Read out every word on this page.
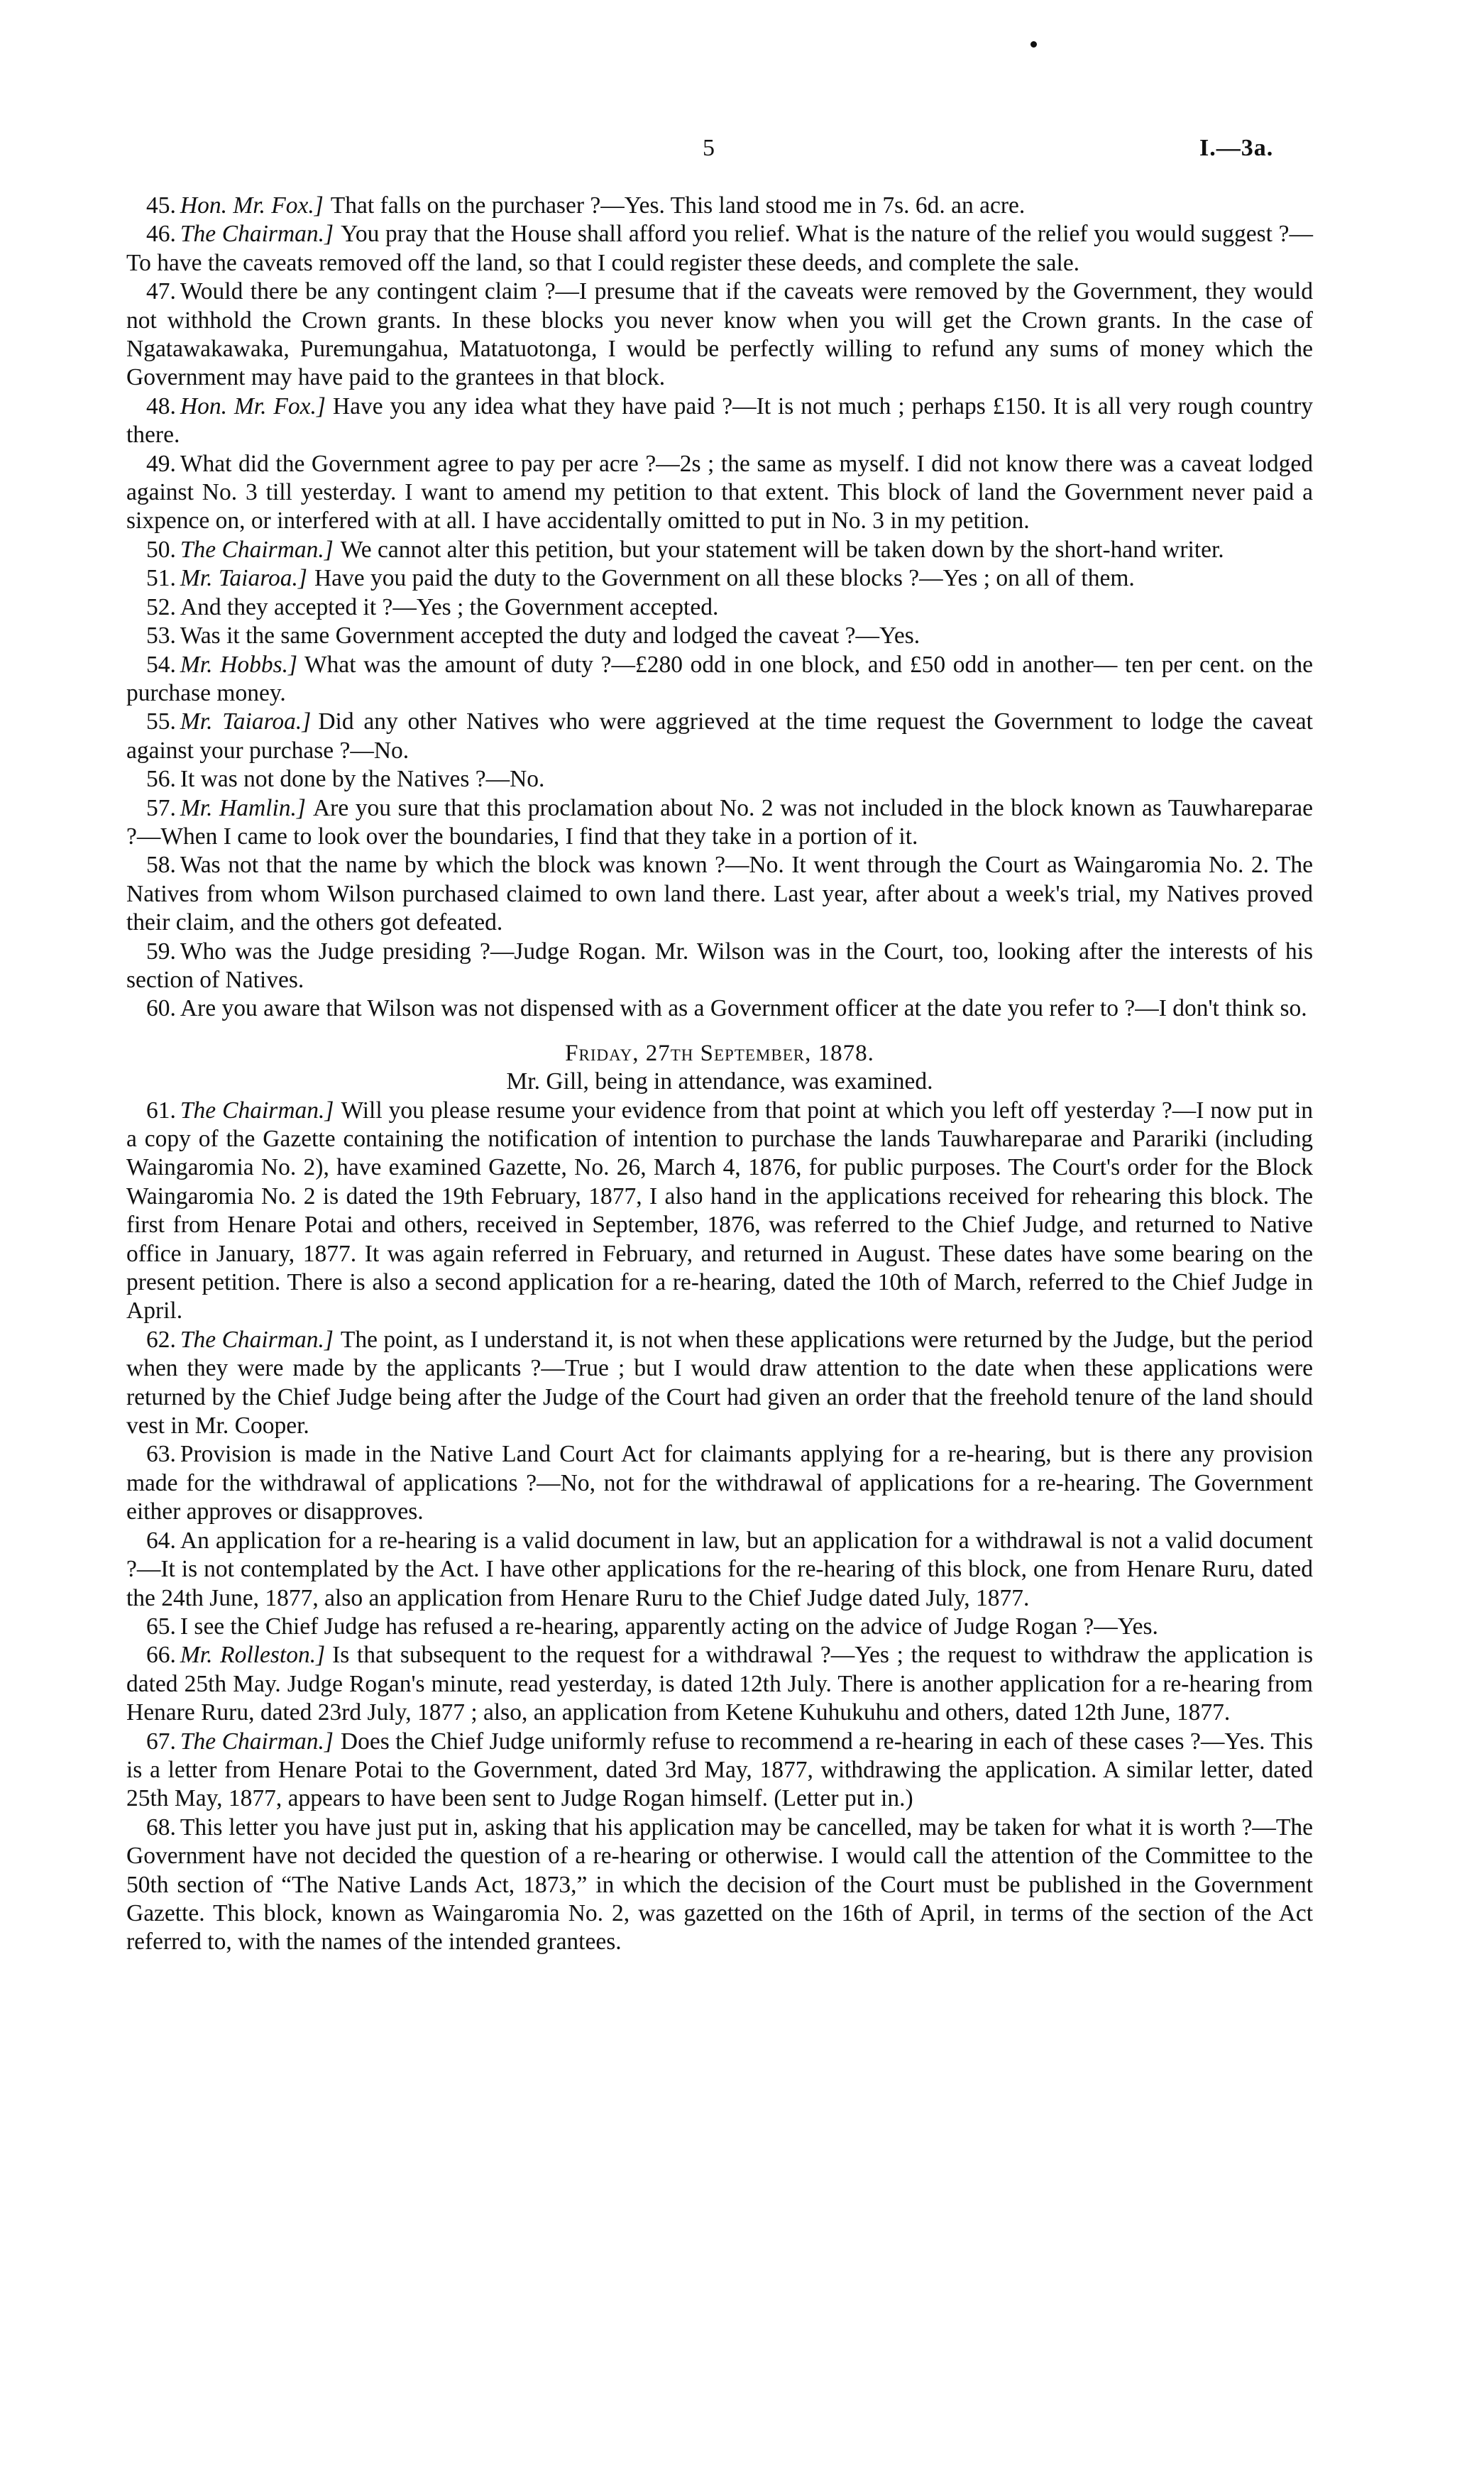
5	I.—3a.

45. Hon. Mr. Fox.] That falls on the purchaser ?—Yes. This land stood me in 7s. 6d. an acre.

46. The Chairman.] You pray that the House shall afford you relief. What is the nature of the relief you would suggest ?—To have the caveats removed off the land, so that I could register these deeds, and complete the sale.

47. Would there be any contingent claim ?—I presume that if the caveats were removed by the Government, they would not withhold the Crown grants. In these blocks you never know when you will get the Crown grants. In the case of Ngatawakawaka, Puremungahua, Matatuotonga, I would be perfectly willing to refund any sums of money which the Government may have paid to the grantees in that block.

48. Hon. Mr. Fox.] Have you any idea what they have paid ?—It is not much ; perhaps £150. It is all very rough country there.

49. What did the Government agree to pay per acre ?—2s ; the same as myself. I did not know there was a caveat lodged against No. 3 till yesterday. I want to amend my petition to that extent. This block of land the Government never paid a sixpence on, or interfered with at all. I have accidentally omitted to put in No. 3 in my petition.

50. The Chairman.] We cannot alter this petition, but your statement will be taken down by the short-hand writer.

51. Mr. Taiaroa.] Have you paid the duty to the Government on all these blocks ?—Yes ; on all of them.

52. And they accepted it ?—Yes ; the Government accepted.

53. Was it the same Government accepted the duty and lodged the caveat ?—Yes.

54. Mr. Hobbs.] What was the amount of duty ?—£280 odd in one block, and £50 odd in another— ten per cent. on the purchase money.

55. Mr. Taiaroa.] Did any other Natives who were aggrieved at the time request the Government to lodge the caveat against your purchase ?—No.

56. It was not done by the Natives ?—No.

57. Mr. Hamlin.] Are you sure that this proclamation about No. 2 was not included in the block known as Tauwhareparae ?—When I came to look over the boundaries, I find that they take in a portion of it.

58. Was not that the name by which the block was known ?—No. It went through the Court as Waingaromia No. 2. The Natives from whom Wilson purchased claimed to own land there. Last year, after about a week's trial, my Natives proved their claim, and the others got defeated.

59. Who was the Judge presiding ?—Judge Rogan. Mr. Wilson was in the Court, too, looking after the interests of his section of Natives.

60. Are you aware that Wilson was not dispensed with as a Government officer at the date you refer to ?—I don't think so.

Friday, 27th September, 1878.

Mr. Gill, being in attendance, was examined.

61. The Chairman.] Will you please resume your evidence from that point at which you left off yesterday ?—I now put in a copy of the Gazette containing the notification of intention to purchase the lands Tauwhareparae and Parariki (including Waingaromia No. 2), have examined Gazette, No. 26, March 4, 1876, for public purposes. The Court's order for the Block Waingaromia No. 2 is dated the 19th February, 1877, I also hand in the applications received for rehearing this block. The first from Henare Potai and others, received in September, 1876, was referred to the Chief Judge, and returned to Native office in January, 1877. It was again referred in February, and returned in August. These dates have some bearing on the present petition. There is also a second application for a re-hearing, dated the 10th of March, referred to the Chief Judge in April.

62. The Chairman.] The point, as I understand it, is not when these applications were returned by the Judge, but the period when they were made by the applicants ?—True ; but I would draw attention to the date when these applications were returned by the Chief Judge being after the Judge of the Court had given an order that the freehold tenure of the land should vest in Mr. Cooper.

63. Provision is made in the Native Land Court Act for claimants applying for a re-hearing, but is there any provision made for the withdrawal of applications ?—No, not for the withdrawal of applications for a re-hearing. The Government either approves or disapproves.

64. An application for a re-hearing is a valid document in law, but an application for a withdrawal is not a valid document ?—It is not contemplated by the Act. I have other applications for the re-hearing of this block, one from Henare Ruru, dated the 24th June, 1877, also an application from Henare Ruru to the Chief Judge dated July, 1877.

65. I see the Chief Judge has refused a re-hearing, apparently acting on the advice of Judge Rogan ?—Yes.

66. Mr. Rolleston.] Is that subsequent to the request for a withdrawal ?—Yes ; the request to withdraw the application is dated 25th May. Judge Rogan's minute, read yesterday, is dated 12th July. There is another application for a re-hearing from Henare Ruru, dated 23rd July, 1877 ; also, an application from Ketene Kuhukuhu and others, dated 12th June, 1877.

67. The Chairman.] Does the Chief Judge uniformly refuse to recommend a re-hearing in each of these cases ?—Yes. This is a letter from Henare Potai to the Government, dated 3rd May, 1877, withdrawing the application. A similar letter, dated 25th May, 1877, appears to have been sent to Judge Rogan himself. (Letter put in.)

68. This letter you have just put in, asking that his application may be cancelled, may be taken for what it is worth ?—The Government have not decided the question of a re-hearing or otherwise. I would call the attention of the Committee to the 50th section of “The Native Lands Act, 1873,” in which the decision of the Court must be published in the Government Gazette. This block, known as Waingaromia No. 2, was gazetted on the 16th of April, in terms of the section of the Act referred to, with the names of the intended grantees.
